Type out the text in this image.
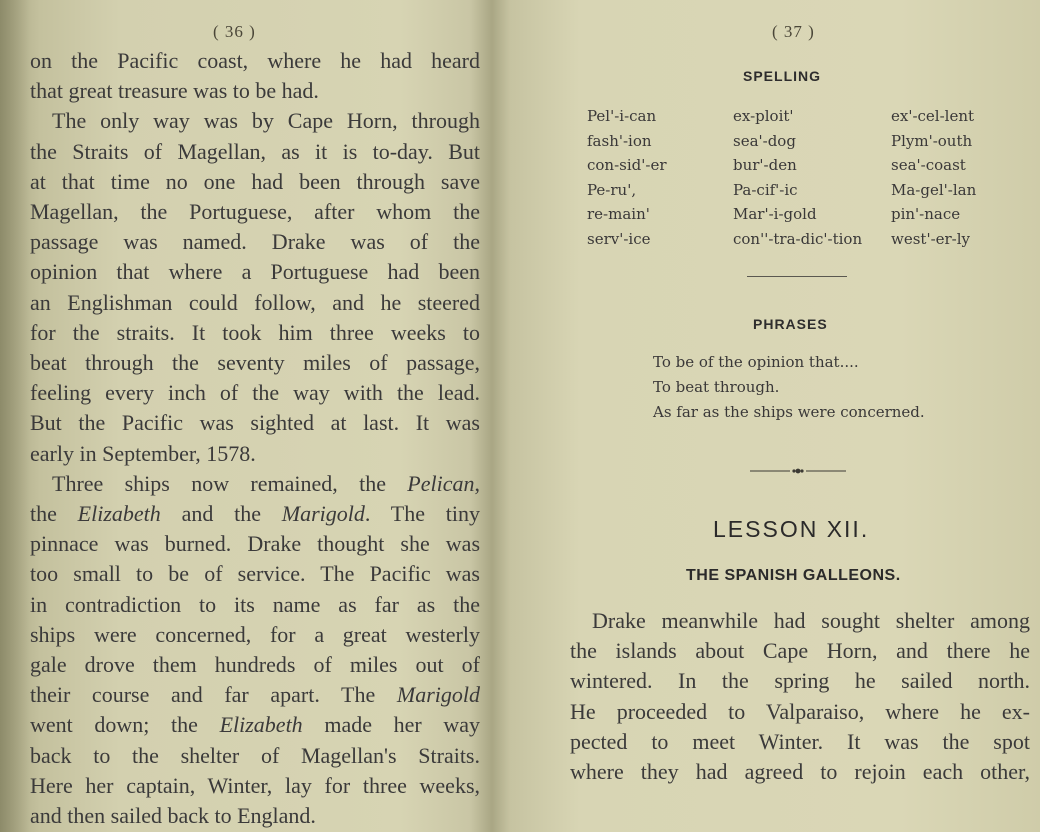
( 36 )
on the Pacific coast, where he had heard
that great treasure was to be had.
The only way was by Cape Horn, through
the Straits of Magellan, as it is to-day. But
at that time no one had been through save
Magellan, the Portuguese, after whom the
passage was named. Drake was of the
opinion that where a Portuguese had been
an Englishman could follow, and he steered
for the straits. It took him three weeks to
beat through the seventy miles of passage,
feeling every inch of the way with the lead.
But the Pacific was sighted at last. It was
early in September, 1578.
Three ships now remained, the Pelican,
the Elizabeth and the Marigold. The tiny
pinnace was burned. Drake thought she was
too small to be of service. The Pacific was
in contradiction to its name as far as the
ships were concerned, for a great westerly
gale drove them hundreds of miles out of
their course and far apart. The Marigold
went down; the Elizabeth made her way
back to the shelter of Magellan's Straits.
Here her captain, Winter, lay for three weeks,
and then sailed back to England.
( 37 )
SPELLING
Pel'-i-can
fash'-ion
con-sid'-er
Pe-ru',
re-main'
serv'-ice
ex-ploit'
sea'-dog
bur'-den
Pa-cif'-ic
Mar'-i-gold
con''-tra-dic'-tion
ex'-cel-lent
Plym'-outh
sea'-coast
Ma-gel'-lan
pin'-nace
west'-er-ly
PHRASES
To be of the opinion that....
To beat through.
As far as the ships were concerned.
LESSON XII.
THE SPANISH GALLEONS.
Drake meanwhile had sought shelter among
the islands about Cape Horn, and there he
wintered. In the spring he sailed north.
He proceeded to Valparaiso, where he ex-
pected to meet Winter. It was the spot
where they had agreed to rejoin each other,
